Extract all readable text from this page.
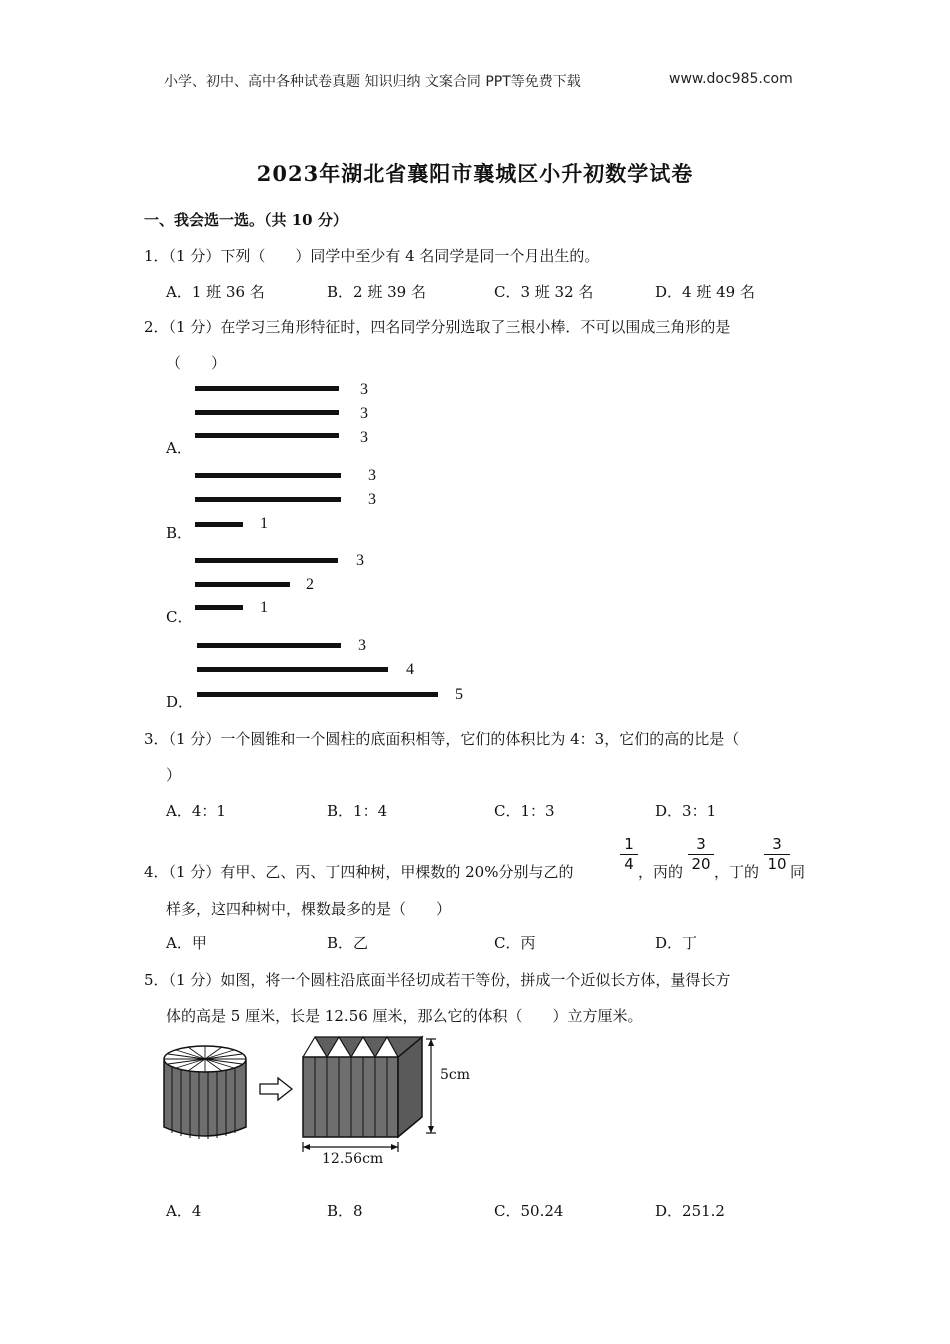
小学、初中、高中各种试卷真题 知识归纳 文案合同 PPT等免费下载	www.doc985.com
2023年湖北省襄阳市襄城区小升初数学试卷
一、我会选一选。（共 10 分）
1．（1 分）下列（　　）同学中至少有 4 名同学是同一个月出生的。
A．1 班 36 名	B．2 班 39 名	C．3 班 32 名	D．4 班 49 名
2．（1 分）在学习三角形特征时，四名同学分别选取了三根小棒．不可以围成三角形的是
（　　）
3
3
3
A．
3
3
1
B．
3
2
1
C．
3
4
5
D．
3．（1 分）一个圆锥和一个圆柱的底面积相等，它们的体积比为 4：3，它们的高的比是（
）
A．4：1	B．1：4	C．1：3	D．3：1
4．（1 分）有甲、乙、丙、丁四种树，甲棵数的 20%分别与乙的
1
4 ，丙的
3
20 ，丁的
3
10 同
样多，这四种树中，棵数最多的是（　　）
A．甲	B．乙	C．丙	D．丁
5．（1 分）如图，将一个圆柱沿底面半径切成若干等份，拼成一个近似长方体，量得长方
体的高是 5 厘米，长是 12.56 厘米，那么它的体积（　　）立方厘米。
5cm
12.56cm
A．4	B．8	C．50.24	D．251.2
